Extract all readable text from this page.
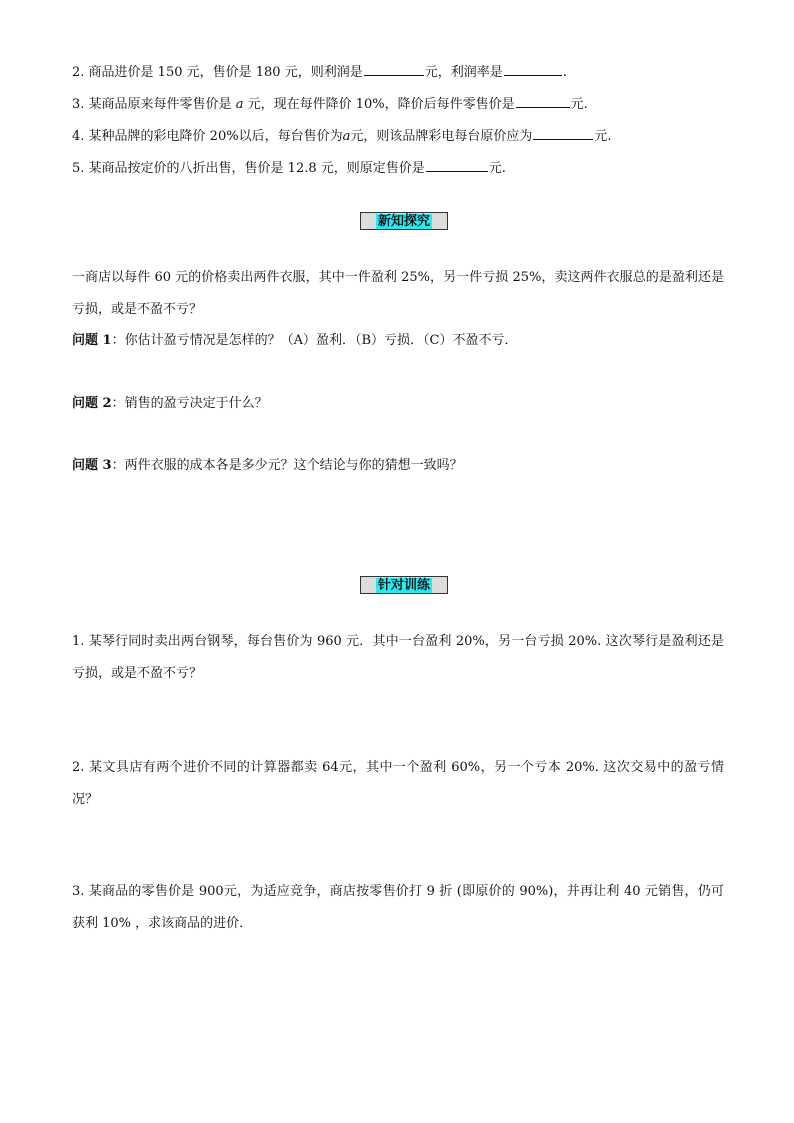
2. 商品进价是 150 元，售价是 180 元，则利润是	元，利润率是	.
3. 某商品原来每件零售价是 a 元，现在每件降价 10%，降价后每件零售价是	元.
4. 某种品牌的彩电降价 20%以后，每台售价为a元，则该品牌彩电每台原价应为	元.
5. 某商品按定价的八折出售，售价是 12.8 元，则原定售价是	元.
新知探究
一商店以每件 60 元的价格卖出两件衣服，其中一件盈利 25%，另一件亏损 25%，卖这两件衣服总的是盈利还是亏损，或是不盈不亏？
问题 1：你估计盈亏情况是怎样的？（A）盈利．（B）亏损．（C）不盈不亏．
问题 2：销售的盈亏决定于什么？
问题 3：两件衣服的成本各是多少元？这个结论与你的猜想一致吗？
针对训练
1. 某琴行同时卖出两台钢琴，每台售价为 960 元．其中一台盈利 20%，另一台亏损 20%. 这次琴行是盈利还是亏损，或是不盈不亏？
2. 某文具店有两个进价不同的计算器都卖 64元，其中一个盈利 60%，另一个亏本 20%. 这次交易中的盈亏情况？
3. 某商品的零售价是 900元，为适应竞争，商店按零售价打 9 折 (即原价的 90%)，并再让利 40 元销售，仍可获利 10% ，求该商品的进价．
